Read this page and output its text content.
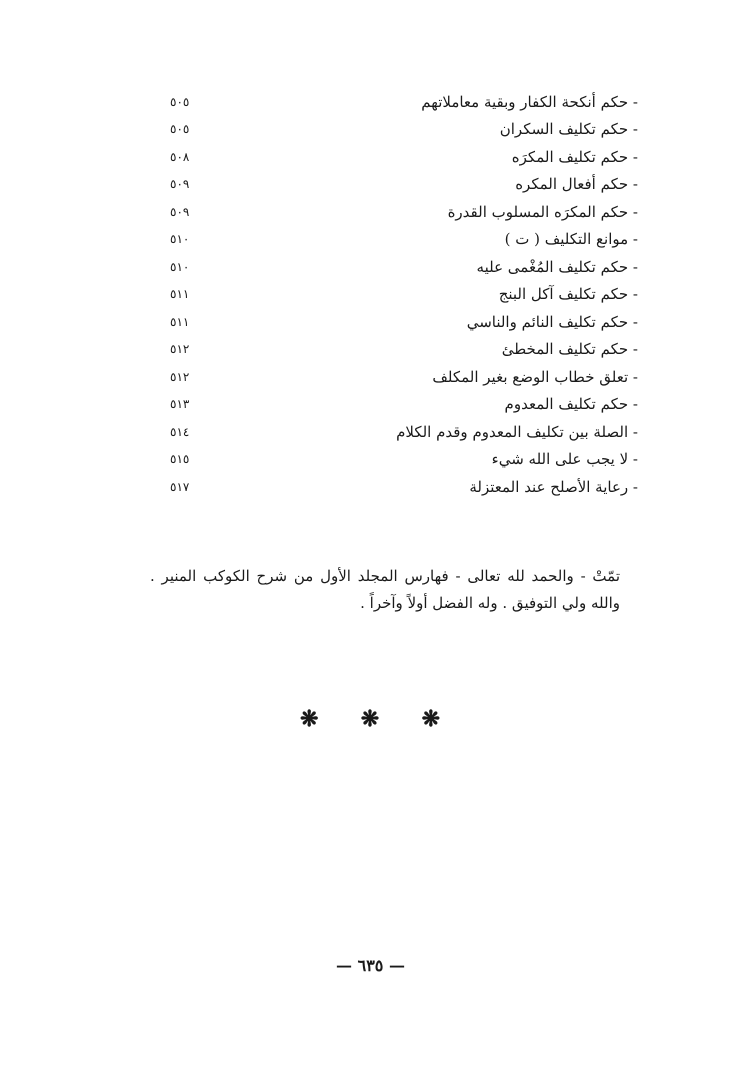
- حكم أنكحة الكفار وبقية معاملاتهم
٥٠٥
- حكم تكليف السكران
٥٠٥
- حكم تكليف المكرَه
٥٠٨
- حكم أفعال المكره
٥٠٩
- حكم المكرَه المسلوب القدرة
٥٠٩
- موانع التكليف ( ت )
٥١٠
- حكم تكليف المُغْمى عليه
٥١٠
- حكم تكليف آكل البنج
٥١١
- حكم تكليف النائم والناسي
٥١١
- حكم تكليف المخطئ
٥١٢
- تعلق خطاب الوضع بغير المكلف
٥١٢
- حكم تكليف المعدوم
٥١٣
- الصلة بين تكليف المعدوم وقدم الكلام
٥١٤
- لا يجب على الله شيء
٥١٥
- رعاية الأصلح عند المعتزلة
٥١٧
تمّتْ - والحمد لله تعالى - فهارس المجلد الأول من شرح الكوكب المنير . والله ولي التوفيق . وله الفضل أولاً وآخراً .
❋ ❋ ❋
— ٦٣٥ —
